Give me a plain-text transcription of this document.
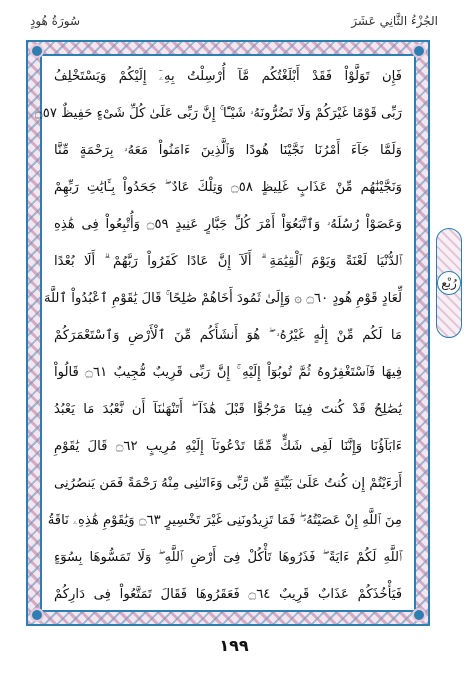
سُورَةُ هُودٍ	الجُزْءُ الثَّانِي عَشَرَ
فَإِن تَوَلَّوْاْ فَقَدْ أَبْلَغْتُكُم مَّآ أُرْسِلْتُ بِهِۦٓ إِلَيْكُمْ وَيَسْتَخْلِفُ
رَبِّى قَوْمًا غَيْرَكُمْ وَلَا تَضُرُّونَهُۥ شَيْـًٔا ۚ إِنَّ رَبِّى عَلَىٰ كُلِّ شَىْءٍ حَفِيظٌ ۝٥٧
وَلَمَّا جَآءَ أَمْرُنَا نَجَّيْنَا هُودًا وَٱلَّذِينَ ءَامَنُواْ مَعَهُۥ بِرَحْمَةٍ مِّنَّا
وَنَجَّيْنَٰهُم مِّنْ عَذَابٍ غَلِيظٍ ۝٥٨ وَتِلْكَ عَادٌ ۖ جَحَدُواْ بِـَٔايَٰتِ رَبِّهِمْ
وَعَصَوْاْ رُسُلَهُۥ وَٱتَّبَعُوٓاْ أَمْرَ كُلِّ جَبَّارٍ عَنِيدٍ ۝٥٩ وَأُتْبِعُواْ فِى هَٰذِهِ
ٱلدُّنْيَا لَعْنَةً وَيَوْمَ ٱلْقِيَٰمَةِ ۗ أَلَآ إِنَّ عَادًا كَفَرُواْ رَبَّهُمْ ۗ أَلَا بُعْدًا
لِّعَادٍ قَوْمِ هُودٍ ۝٦٠ ۞ وَإِلَىٰ ثَمُودَ أَخَاهُمْ صَٰلِحًا ۚ قَالَ يَٰقَوْمِ ٱعْبُدُواْ ٱللَّهَ
مَا لَكُم مِّنْ إِلَٰهٍ غَيْرُهُۥ ۖ هُوَ أَنشَأَكُم مِّنَ ٱلْأَرْضِ وَٱسْتَعْمَرَكُمْ
فِيهَا فَٱسْتَغْفِرُوهُ ثُمَّ تُوبُوٓاْ إِلَيْهِ ۚ إِنَّ رَبِّى قَرِيبٌ مُّجِيبٌ ۝٦١ قَالُواْ
يَٰصَٰلِحُ قَدْ كُنتَ فِينَا مَرْجُوًّا قَبْلَ هَٰذَآ ۖ أَتَنْهَىٰنَآ أَن نَّعْبُدَ مَا يَعْبُدُ
ءَابَآؤُنَا وَإِنَّنَا لَفِى شَكٍّ مِّمَّا تَدْعُونَآ إِلَيْهِ مُرِيبٍ ۝٦٢ قَالَ يَٰقَوْمِ
أَرَءَيْتُمْ إِن كُنتُ عَلَىٰ بَيِّنَةٍ مِّن رَّبِّى وَءَاتَىٰنِى مِنْهُ رَحْمَةً فَمَن يَنصُرُنِى
مِنَ ٱللَّهِ إِنْ عَصَيْتُهُۥ ۖ فَمَا تَزِيدُونَنِى غَيْرَ تَخْسِيرٍ ۝٦٣ وَيَٰقَوْمِ هَٰذِهِۦ نَاقَةُ
ٱللَّهِ لَكُمْ ءَايَةً ۖ فَذَرُوهَا تَأْكُلْ فِىٓ أَرْضِ ٱللَّهِ ۖ وَلَا تَمَسُّوهَا بِسُوٓءٍ
فَيَأْخُذَكُمْ عَذَابٌ قَرِيبٌ ۝٦٤ فَعَقَرُوهَا فَقَالَ تَمَتَّعُواْ فِى دَارِكُمْ
رُبْع
١٩٩
